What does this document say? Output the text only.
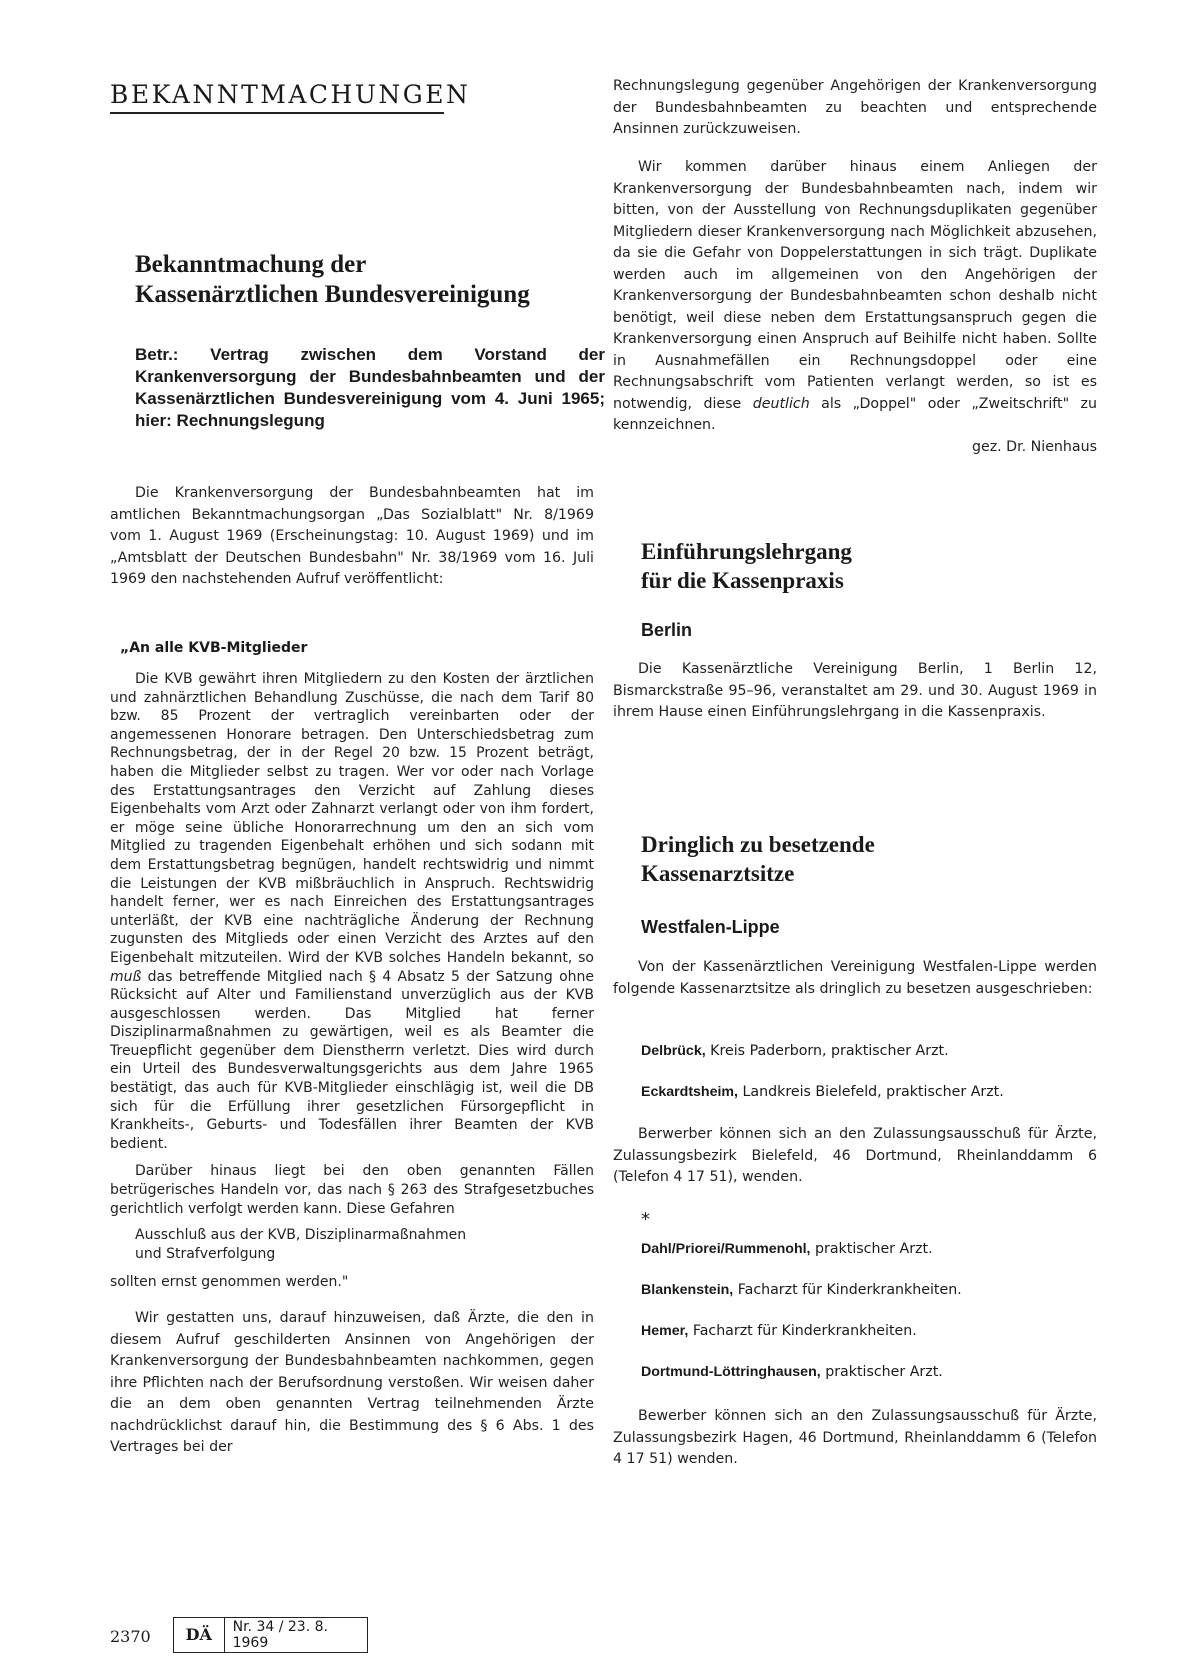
BEKANNTMACHUNGEN
Bekanntmachung der
Kassenärztlichen Bundesvereinigung
Betr.: Vertrag zwischen dem Vorstand der Krankenversorgung der Bundesbahnbeamten und der Kassenärztlichen Bundesvereinigung vom 4. Juni 1965; hier: Rechnungslegung

Die Krankenversorgung der Bundesbahnbeamten hat im amtlichen Bekanntmachungsorgan „Das Sozialblatt" Nr. 8/1969 vom 1. August 1969 (Erscheinungstag: 10. August 1969) und im „Amtsblatt der Deutschen Bundesbahn" Nr. 38/1969 vom 16. Juli 1969 den nachstehenden Aufruf veröffentlicht:

„An alle KVB-Mitglieder

Die KVB gewährt ihren Mitgliedern zu den Kosten der ärztlichen und zahnärztlichen Behandlung Zuschüsse, die nach dem Tarif 80 bzw. 85 Prozent der vertraglich vereinbarten oder der angemessenen Honorare betragen. Den Unterschiedsbetrag zum Rechnungsbetrag, der in der Regel 20 bzw. 15 Prozent beträgt, haben die Mitglieder selbst zu tragen. Wer vor oder nach Vorlage des Erstattungsantrages den Verzicht auf Zahlung dieses Eigenbehalts vom Arzt oder Zahnarzt verlangt oder von ihm fordert, er möge seine übliche Honorarrechnung um den an sich vom Mitglied zu tragenden Eigenbehalt erhöhen und sich sodann mit dem Erstattungsbetrag begnügen, handelt rechtswidrig und nimmt die Leistungen der KVB mißbräuchlich in Anspruch. Rechtswidrig handelt ferner, wer es nach Einreichen des Erstattungsantrages unterläßt, der KVB eine nachträgliche Änderung der Rechnung zugunsten des Mitglieds oder einen Verzicht des Arztes auf den Eigenbehalt mitzuteilen. Wird der KVB solches Handeln bekannt, so muß das betreffende Mitglied nach § 4 Absatz 5 der Satzung ohne Rücksicht auf Alter und Familienstand unverzüglich aus der KVB ausgeschlossen werden. Das Mitglied hat ferner Disziplinarmaßnahmen zu gewärtigen, weil es als Beamter die Treuepflicht gegenüber dem Dienstherrn verletzt. Dies wird durch ein Urteil des Bundesverwaltungsgerichts aus dem Jahre 1965 bestätigt, das auch für KVB-Mitglieder einschlägig ist, weil die DB sich für die Erfüllung ihrer gesetzlichen Fürsorgepflicht in Krankheits-, Geburts- und Todesfällen ihrer Beamten der KVB bedient.

Darüber hinaus liegt bei den oben genannten Fällen betrügerisches Handeln vor, das nach § 263 des Strafgesetzbuches gerichtlich verfolgt werden kann. Diese Gefahren

Ausschluß aus der KVB, Disziplinarmaßnahmen
und Strafverfolgung

sollten ernst genommen werden."

Wir gestatten uns, darauf hinzuweisen, daß Ärzte, die den in diesem Aufruf geschilderten Ansinnen von Angehörigen der Krankenversorgung der Bundesbahnbeamten nachkommen, gegen ihre Pflichten nach der Berufsordnung verstoßen. Wir weisen daher die an dem oben genannten Vertrag teilnehmenden Ärzte nachdrücklichst darauf hin, die Bestimmung des § 6 Abs. 1 des Vertrages bei der

Rechnungslegung gegenüber Angehörigen der Krankenversorgung der Bundesbahnbeamten zu beachten und entsprechende Ansinnen zurückzuweisen.

Wir kommen darüber hinaus einem Anliegen der Krankenversorgung der Bundesbahnbeamten nach, indem wir bitten, von der Ausstellung von Rechnungsduplikaten gegenüber Mitgliedern dieser Krankenversorgung nach Möglichkeit abzusehen, da sie die Gefahr von Doppelerstattungen in sich trägt. Duplikate werden auch im allgemeinen von den Angehörigen der Krankenversorgung der Bundesbahnbeamten schon deshalb nicht benötigt, weil diese neben dem Erstattungsanspruch gegen die Krankenversorgung einen Anspruch auf Beihilfe nicht haben. Sollte in Ausnahmefällen ein Rechnungsdoppel oder eine Rechnungsabschrift vom Patienten verlangt werden, so ist es notwendig, diese deutlich als „Doppel" oder „Zweitschrift" zu kennzeichnen.

gez. Dr. Nienhaus
Einführungslehrgang
für die Kassenpraxis
Berlin

Die Kassenärztliche Vereinigung Berlin, 1 Berlin 12, Bismarckstraße 95–96, veranstaltet am 29. und 30. August 1969 in ihrem Hause einen Einführungslehrgang in die Kassenpraxis.

Dringlich zu besetzende
Kassenarztsitze
Westfalen-Lippe

Von der Kassenärztlichen Vereinigung Westfalen-Lippe werden folgende Kassenarztsitze als dringlich zu besetzen ausgeschrieben:

Delbrück, Kreis Paderborn, praktischer Arzt.
Eckardtsheim, Landkreis Bielefeld, praktischer Arzt.

Berwerber können sich an den Zulassungsausschuß für Ärzte, Zulassungsbezirk Bielefeld, 46 Dortmund, Rheinlanddamm 6 (Telefon 4 17 51), wenden.

*
Dahl/Priorei/Rummenohl, praktischer Arzt.
Blankenstein, Facharzt für Kinderkrankheiten.
Hemer, Facharzt für Kinderkrankheiten.
Dortmund-Löttringhausen, praktischer Arzt.

Bewerber können sich an den Zulassungsausschuß für Ärzte, Zulassungsbezirk Hagen, 46 Dortmund, Rheinlanddamm 6 (Telefon 4 17 51) wenden.

2370	DÄ	Nr. 34 / 23. 8. 1969
